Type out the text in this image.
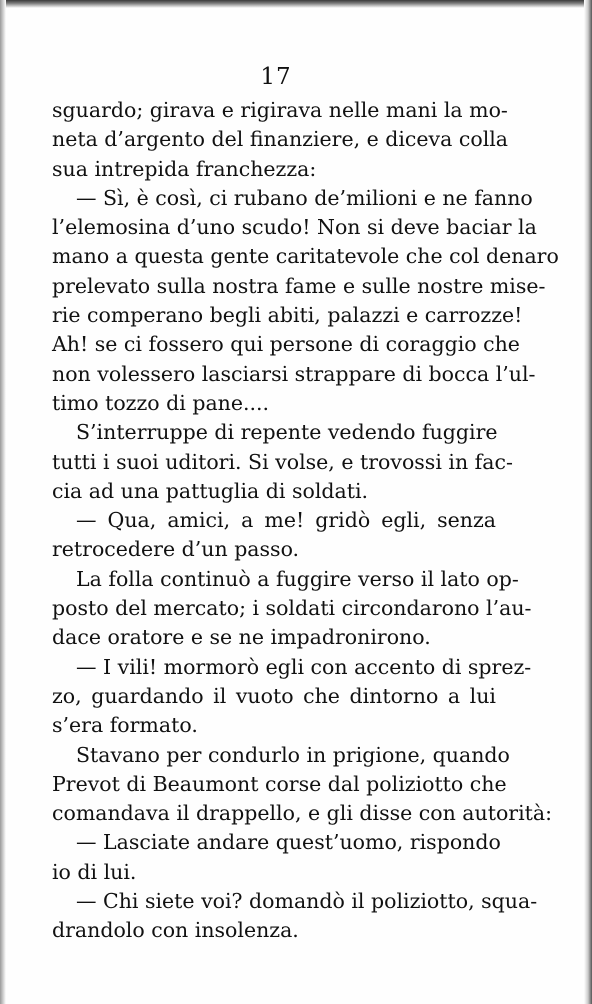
17
sguardo; girava e rigirava nelle mani la mo-
neta d’argento del finanziere, e diceva colla
sua intrepida franchezza:
— Sì, è così, ci rubano de’milioni e ne fanno
l’elemosina d’uno scudo! Non si deve baciar la
mano a questa gente caritatevole che col denaro
prelevato sulla nostra fame e sulle nostre mise-
rie comperano begli abiti, palazzi e carrozze!
Ah! se ci fossero qui persone di coraggio che
non volessero lasciarsi strappare di bocca l’ul-
timo tozzo di pane....
S’interruppe di repente vedendo fuggire
tutti i suoi uditori. Si volse, e trovossi in fac-
cia ad una pattuglia di soldati.
— Qua, amici, a me! gridò egli, senza
retrocedere d’un passo.
La folla continuò a fuggire verso il lato op-
posto del mercato; i soldati circondarono l’au-
dace oratore e se ne impadronirono.
— I vili! mormorò egli con accento di sprez-
zo, guardando il vuoto che dintorno a lui
s’era formato.
Stavano per condurlo in prigione, quando
Prevot di Beaumont corse dal poliziotto che
comandava il drappello, e gli disse con autorità:
— Lasciate andare quest’uomo, rispondo
io di lui.
— Chi siete voi? domandò il poliziotto, squa-
drandolo con insolenza.
